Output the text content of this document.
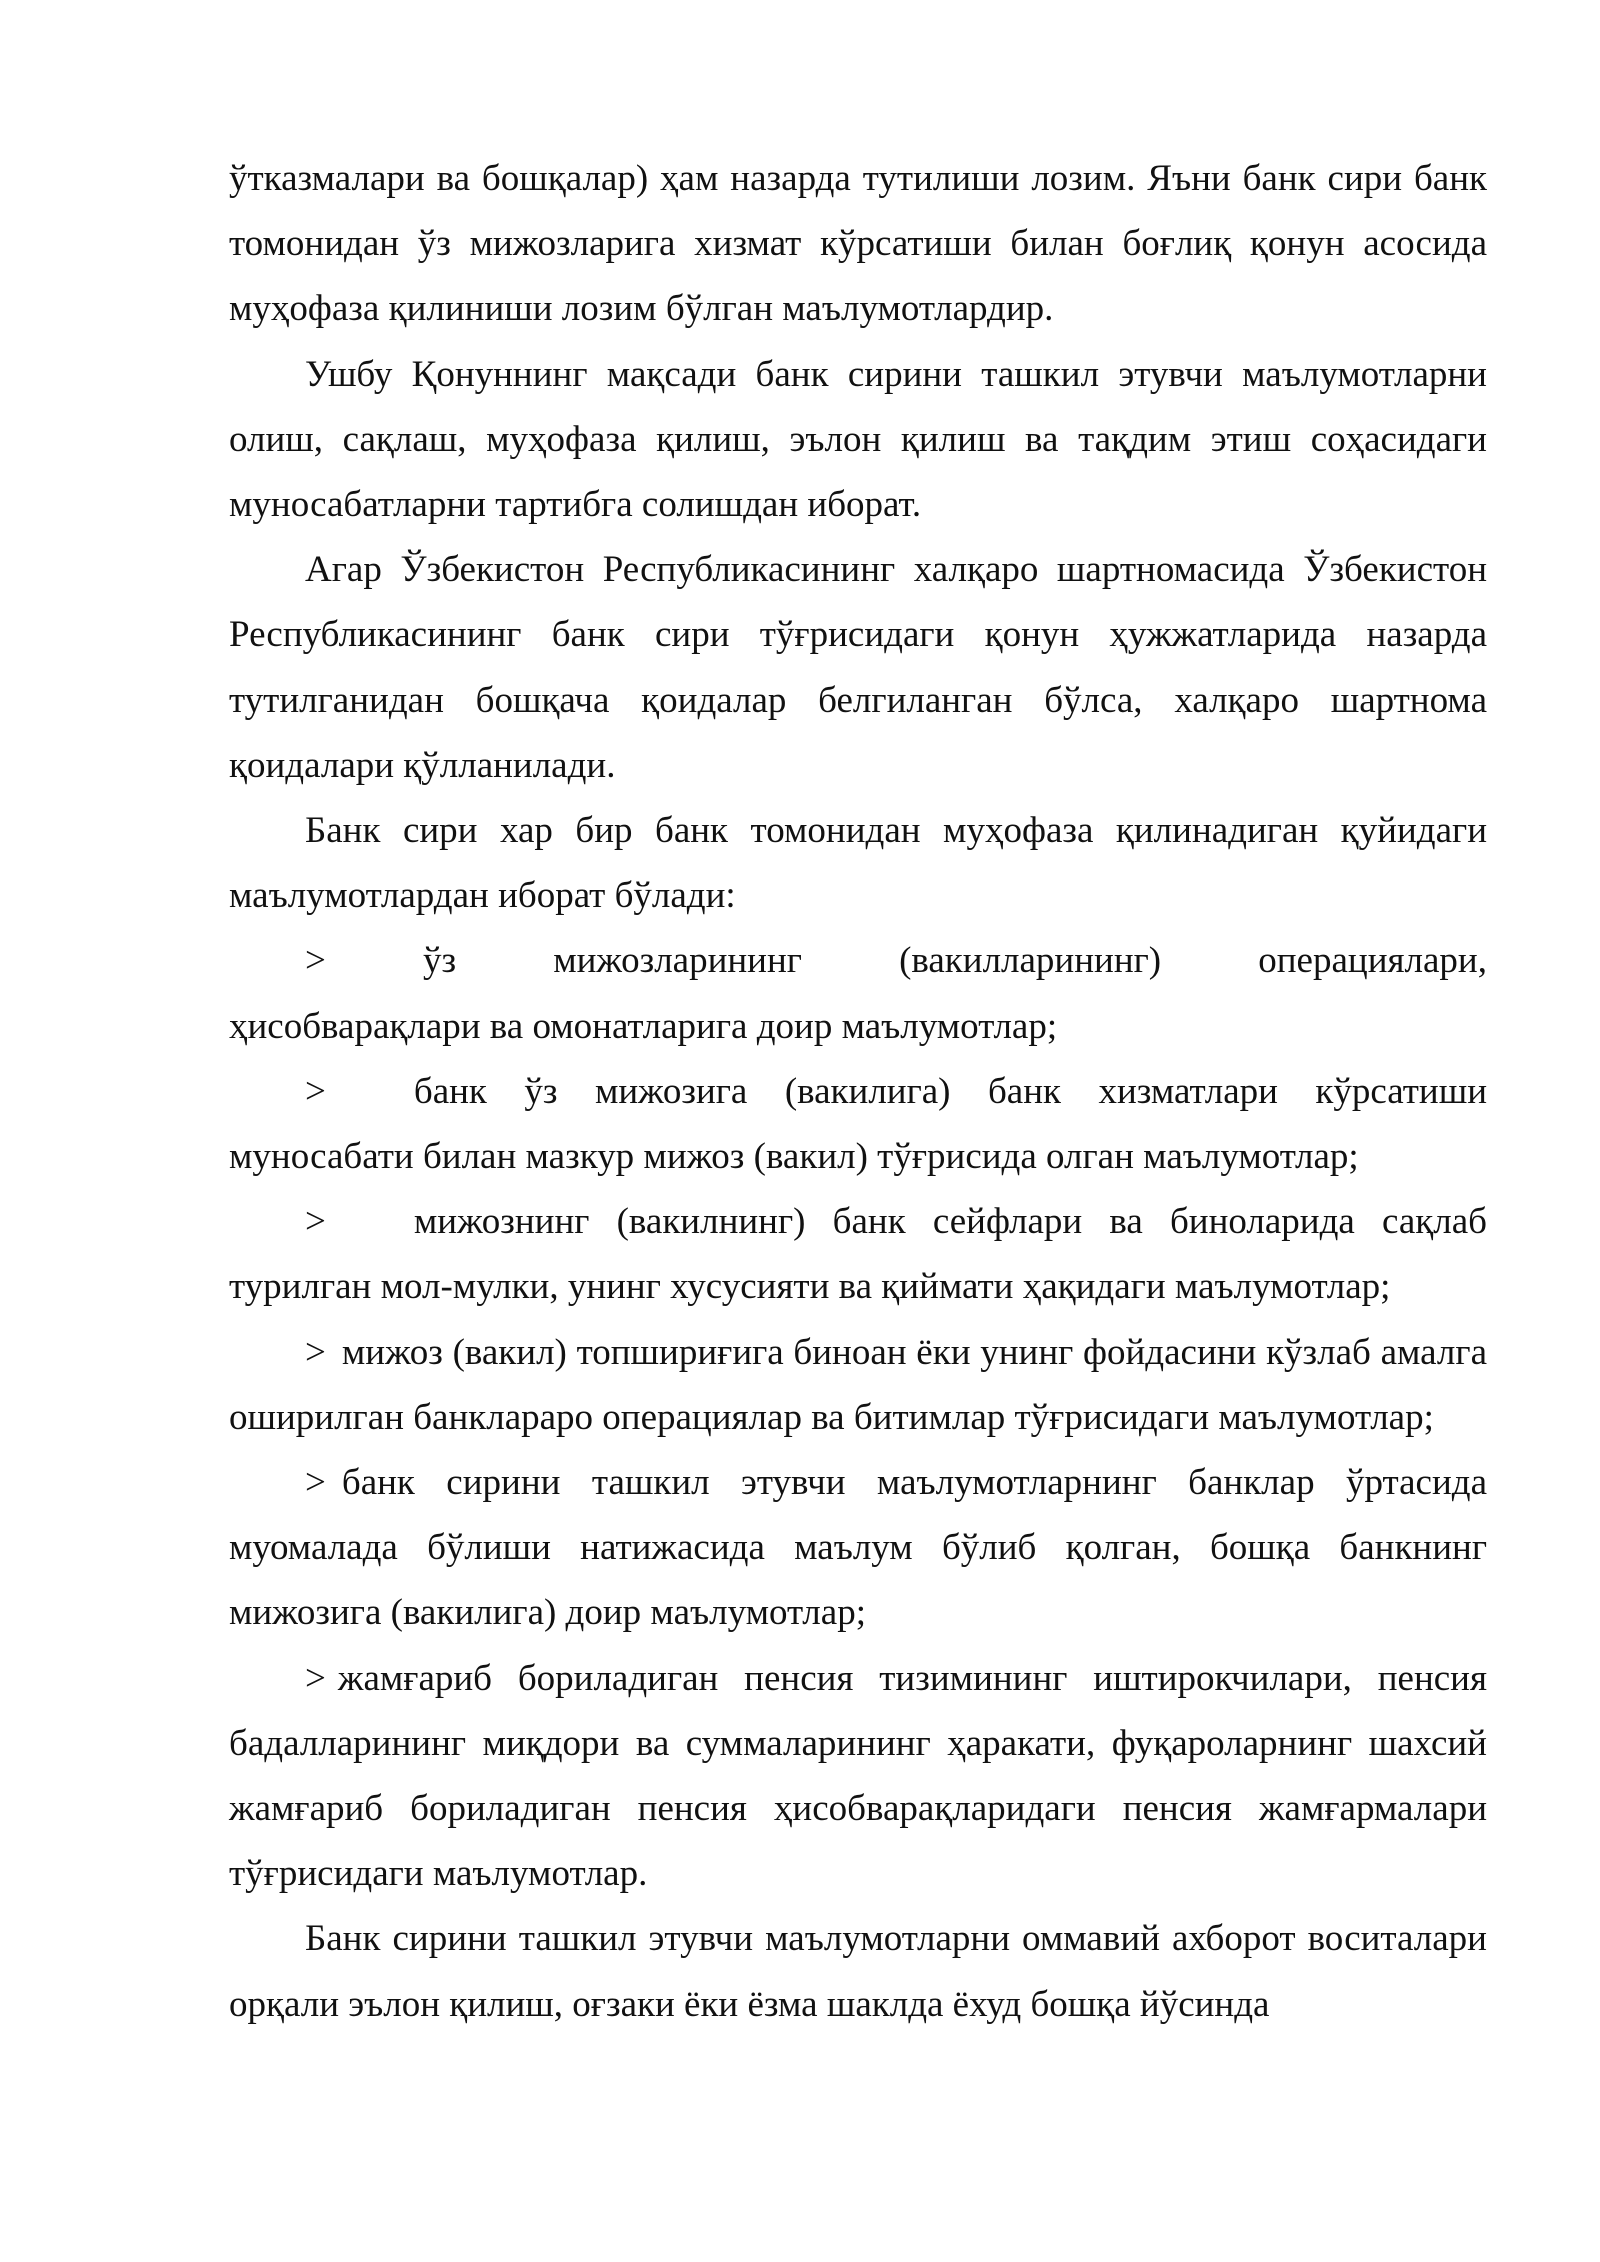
ўтказмалари ва бошқалар) ҳам назарда тутилиши лозим. Яъни банк сири банк томонидан ўз мижозларига хизмат кўрсатиши билан боғлиқ қонун асосида муҳофаза қилиниши лозим бўлган маълумотлардир.

Ушбу Қонуннинг мақсади банк сирини ташкил этувчи маълумотларни олиш, сақлаш, муҳофаза қилиш, эълон қилиш ва тақдим этиш соҳасидаги муносабатларни тартибга солишдан иборат.

Агар Ўзбекистон Республикасининг халқаро шартномасида Ўзбекистон Республикасининг банк сири тўғрисидаги қонун ҳужжатларида назарда тутилганидан бошқача қоидалар белгиланган бўлса, халқаро шартнома қоидалари қўлланилади.

Банк сири хар бир банк томонидан муҳофаза қилинадиган қуйидаги маълумотлардан иборат бўлади:

>	ўз	мижозларининг	(вакилларининг)	операциялари,

ҳисобварақлари ва омонатларига доир маълумотлар;

> банк ўз мижозига (вакилига) банк хизматлари кўрсатиши муносабати билан мазкур мижоз (вакил) тўғрисида олган маълумотлар;

> мижознинг (вакилнинг) банк сейфлари ва биноларида сақлаб турилган мол-мулки, унинг хусусияти ва қиймати ҳақидаги маълумотлар;

> мижоз (вакил) топшириғига биноан ёки унинг фойдасини кўзлаб амалга оширилган банклараро операциялар ва битимлар тўғрисидаги маълумотлар;

> банк сирини ташкил этувчи маълумотларнинг банклар ўртасида муомалада бўлиши натижасида маълум бўлиб қолган, бошқа банкнинг мижозига (вакилига) доир маълумотлар;

> жамғариб бориладиган пенсия тизимининг иштирокчилари, пенсия бадалларининг миқдори ва суммаларининг ҳаракати, фуқароларнинг шахсий жамғариб бориладиган пенсия ҳисобварақларидаги пенсия жамғармалари тўғрисидаги маълумотлар.

Банк сирини ташкил этувчи маълумотларни оммавий ахборот воситалари орқали эълон қилиш, оғзаки ёки ёзма шаклда ёхуд бошқа йўсинда
